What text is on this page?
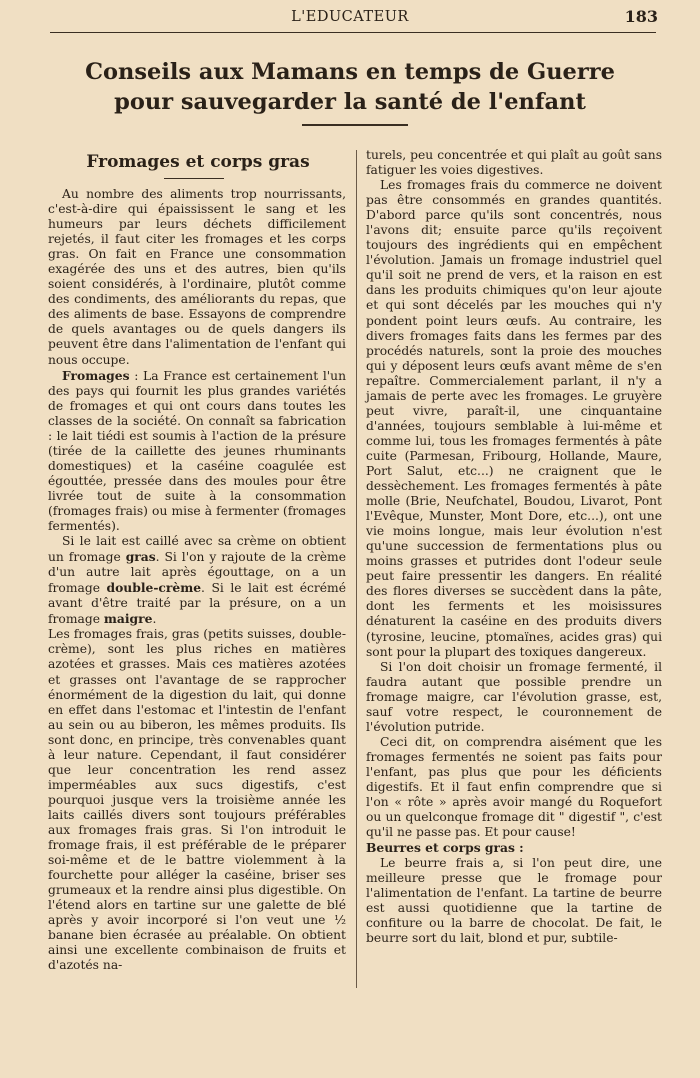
L'EDUCATEUR	183
Conseils aux Mamans en temps de Guerre
pour sauvegarder la santé de l'enfant
Fromages et corps gras

Au nombre des aliments trop nourrissants, c'est-à-dire qui épaississent le sang et les humeurs par leurs déchets difficilement rejetés, il faut citer les fromages et les corps gras. On fait en France une consommation exagérée des uns et des autres, bien qu'ils soient considérés, à l'ordinaire, plutôt comme des condiments, des améliorants du repas, que des aliments de base. Essayons de comprendre de quels avantages ou de quels dangers ils peuvent être dans l'alimentation de l'enfant qui nous occupe.

Fromages : La France est certainement l'un des pays qui fournit les plus grandes variétés de fromages et qui ont cours dans toutes les classes de la société. On connaît sa fabrication : le lait tiédi est soumis à l'action de la présure (tirée de la caillette des jeunes rhuminants domestiques) et la caséine coagulée est égouttée, pressée dans des moules pour être livrée tout de suite à la consommation (fromages frais) ou mise à fermenter (fromages fermentés).

Si le lait est caillé avec sa crème on obtient un fromage gras. Si l'on y rajoute de la crème d'un autre lait après égouttage, on a un fromage double-crème. Si le lait est écrémé avant d'être traité par la présure, on a un fromage maigre.

Les fromages frais, gras (petits suisses, double-crème), sont les plus riches en matières azotées et grasses. Mais ces matières azotées et grasses ont l'avantage de se rapprocher énormément de la digestion du lait, qui donne en effet dans l'estomac et l'intestin de l'enfant au sein ou au biberon, les mêmes produits. Ils sont donc, en principe, très convenables quant à leur nature. Cependant, il faut considérer que leur concentration les rend assez imperméables aux sucs digestifs, c'est pourquoi jusque vers la troisième année les laits caillés divers sont toujours préférables aux fromages frais gras. Si l'on introduit le fromage frais, il est préférable de le préparer soi-même et de le battre violemment à la fourchette pour alléger la caséine, briser ses grumeaux et la rendre ainsi plus digestible. On l'étend alors en tartine sur une galette de blé après y avoir incorporé si l'on veut une ½ banane bien écrasée au préalable. On obtient ainsi une excellente combinaison de fruits et d'azotés na-

turels, peu concentrée et qui plaît au goût sans fatiguer les voies digestives.

Les fromages frais du commerce ne doivent pas être consommés en grandes quantités. D'abord parce qu'ils sont concentrés, nous l'avons dit; ensuite parce qu'ils reçoivent toujours des ingrédients qui en empêchent l'évolution. Jamais un fromage industriel quel qu'il soit ne prend de vers, et la raison en est dans les produits chimiques qu'on leur ajoute et qui sont décelés par les mouches qui n'y pondent point leurs œufs. Au contraire, les divers fromages faits dans les fermes par des procédés naturels, sont la proie des mouches qui y déposent leurs œufs avant même de s'en repaître. Commercialement parlant, il n'y a jamais de perte avec les fromages. Le gruyère peut vivre, paraît-il, une cinquantaine d'années, toujours semblable à lui-même et comme lui, tous les fromages fermentés à pâte cuite (Parmesan, Fribourg, Hollande, Maure, Port Salut, etc...) ne craignent que le dessèchement. Les fromages fermentés à pâte molle (Brie, Neufchatel, Boudou, Livarot, Pont l'Evêque, Munster, Mont Dore, etc...), ont une vie moins longue, mais leur évolution n'est qu'une succession de fermentations plus ou moins grasses et putrides dont l'odeur seule peut faire pressentir les dangers. En réalité des flores diverses se succèdent dans la pâte, dont les ferments et les moisissures dénaturent la caséine en des produits divers (tyrosine, leucine, ptomaïnes, acides gras) qui sont pour la plupart des toxiques dangereux.

Si l'on doit choisir un fromage fermenté, il faudra autant que possible prendre un fromage maigre, car l'évolution grasse, est, sauf votre respect, le couronnement de l'évolution putride.

Ceci dit, on comprendra aisément que les fromages fermentés ne soient pas faits pour l'enfant, pas plus que pour les déficients digestifs. Et il faut enfin comprendre que si l'on « rôte » après avoir mangé du Roquefort ou un quelconque fromage dit " digestif ", c'est qu'il ne passe pas. Et pour cause!

Beurres et corps gras :

Le beurre frais a, si l'on peut dire, une meilleure presse que le fromage pour l'alimentation de l'enfant. La tartine de beurre est aussi quotidienne que la tartine de confiture ou la barre de chocolat. De fait, le beurre sort du lait, blond et pur, subtile-
